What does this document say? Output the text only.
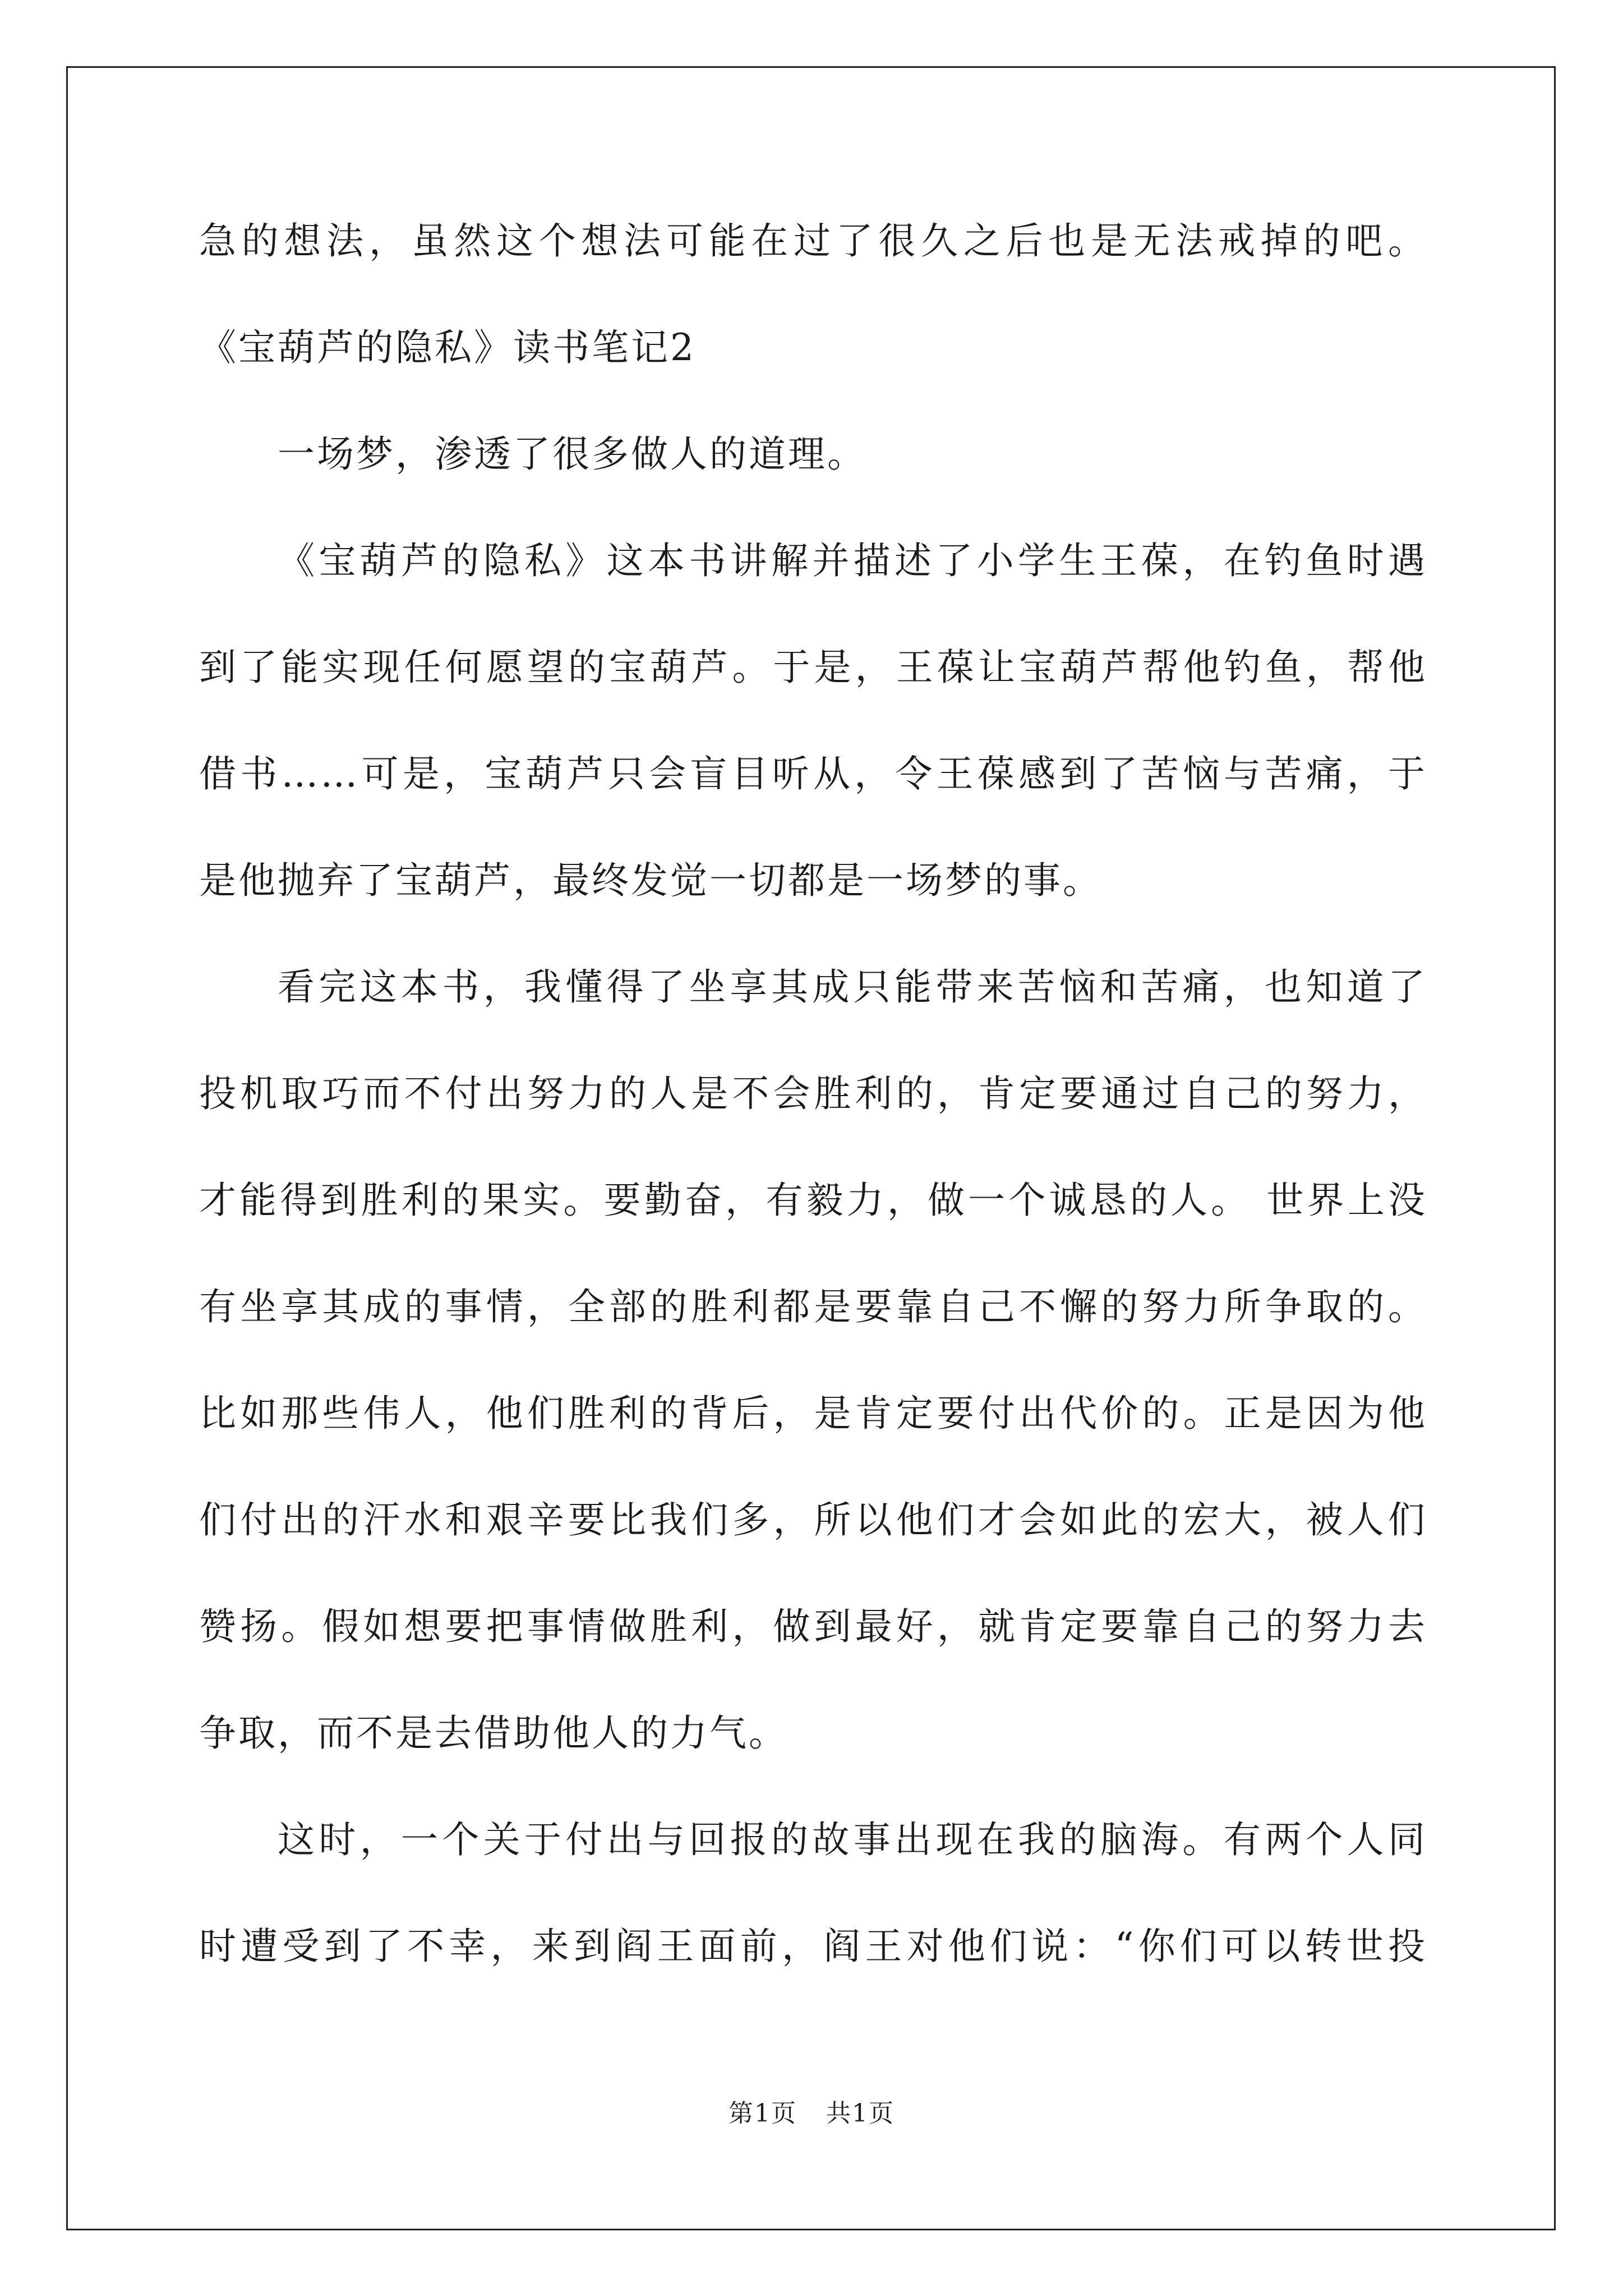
急的想法，虽然这个想法可能在过了很久之后也是无法戒掉的吧。
《宝葫芦的隐私》读书笔记2
一场梦，渗透了很多做人的道理。
《宝葫芦的隐私》这本书讲解并描述了小学生王葆，在钓鱼时遇
到了能实现任何愿望的宝葫芦。于是，王葆让宝葫芦帮他钓鱼，帮他
借书……可是，宝葫芦只会盲目听从，令王葆感到了苦恼与苦痛，于
是他抛弃了宝葫芦，最终发觉一切都是一场梦的事。
看完这本书，我懂得了坐享其成只能带来苦恼和苦痛，也知道了
投机取巧而不付出努力的人是不会胜利的，肯定要通过自己的努力，
才能得到胜利的果实。要勤奋，有毅力，做一个诚恳的人。 世界上没
有坐享其成的事情，全部的胜利都是要靠自己不懈的努力所争取的。
比如那些伟人，他们胜利的背后，是肯定要付出代价的。正是因为他
们付出的汗水和艰辛要比我们多，所以他们才会如此的宏大，被人们
赞扬。假如想要把事情做胜利，做到最好，就肯定要靠自己的努力去
争取，而不是去借助他人的力气。
这时，一个关于付出与回报的故事出现在我的脑海。有两个人同
时遭受到了不幸，来到阎王面前，阎王对他们说：“你们可以转世投
第1页 共1页
